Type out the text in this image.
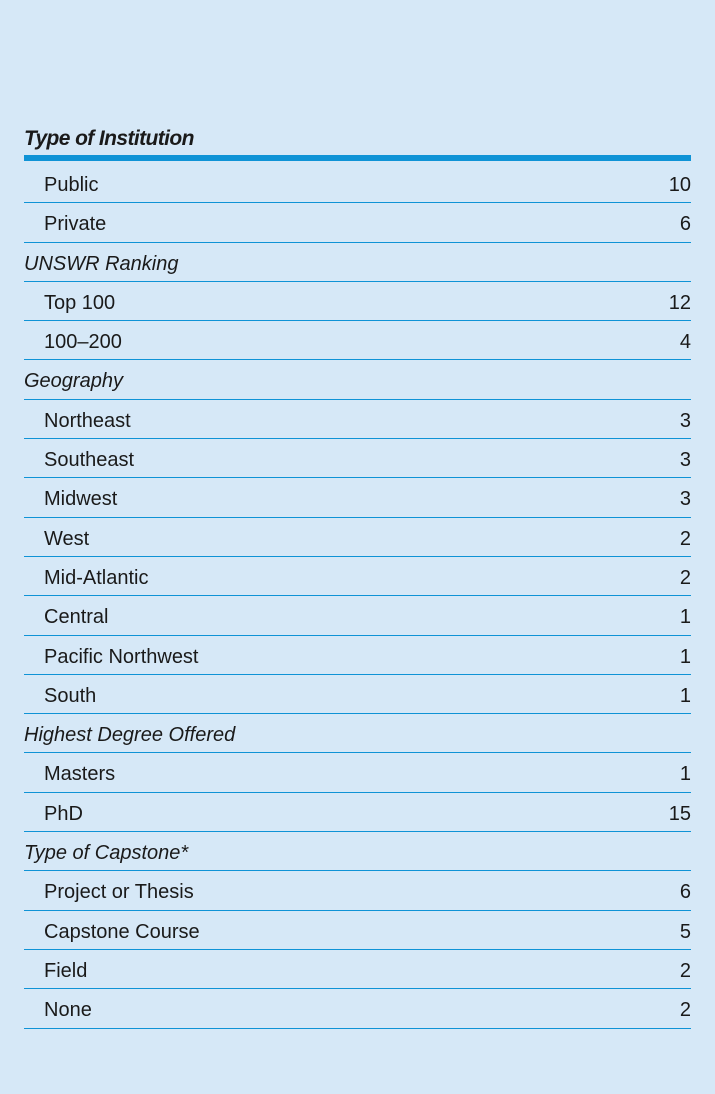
Type of Institution
Public	10
Private	6
UNSWR Ranking
Top 100	12
100–200	4
Geography
Northeast	3
Southeast	3
Midwest	3
West	2
Mid-Atlantic	2
Central	1
Pacific Northwest	1
South	1
Highest Degree Offered
Masters	1
PhD	15
Type of Capstone*
Project or Thesis	6
Capstone Course	5
Field	2
None	2
